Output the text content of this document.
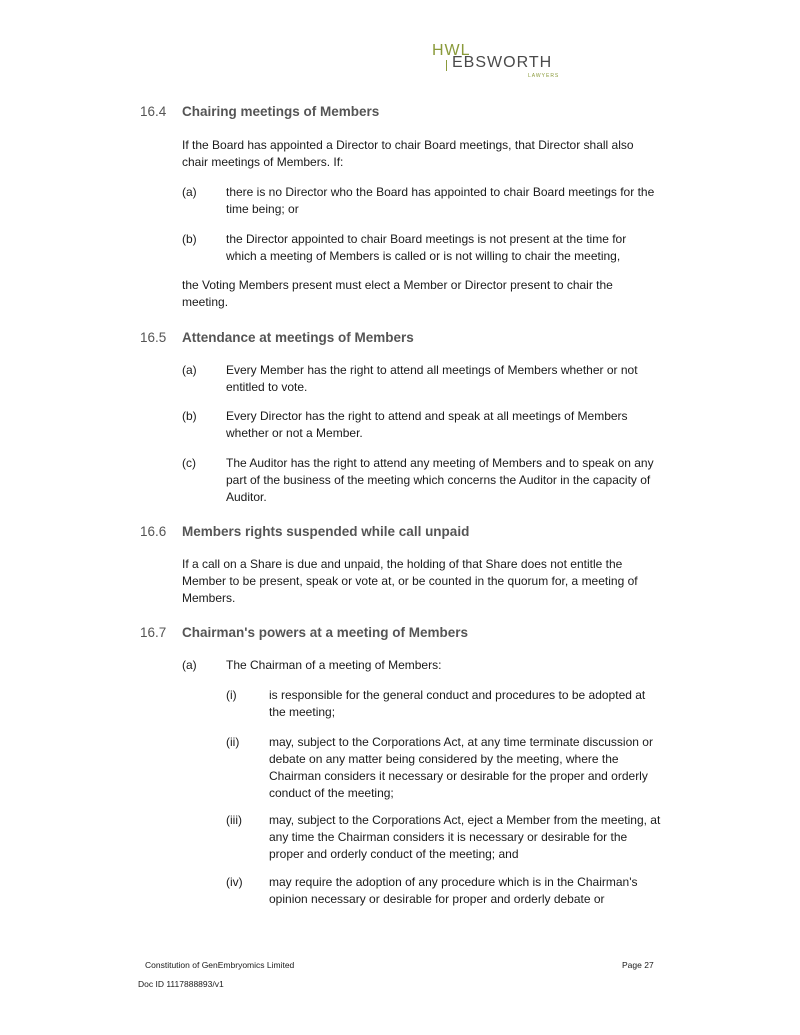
HWL
EBSWORTH
LAWYERS
16.4 Chairing meetings of Members
If the Board has appointed a Director to chair Board meetings, that Director shall also chair meetings of Members. If:
(a) there is no Director who the Board has appointed to chair Board meetings for the time being; or
(b) the Director appointed to chair Board meetings is not present at the time for which a meeting of Members is called or is not willing to chair the meeting,
the Voting Members present must elect a Member or Director present to chair the meeting.
16.5 Attendance at meetings of Members
(a) Every Member has the right to attend all meetings of Members whether or not entitled to vote.
(b) Every Director has the right to attend and speak at all meetings of Members whether or not a Member.
(c)	The Auditor has the right to attend any meeting of Members and to speak on any part of the business of the meeting which concerns the Auditor in the capacity of Auditor.
16.6 Members rights suspended while call unpaid
If a call on a Share is due and unpaid, the holding of that Share does not entitle the Member to be present, speak or vote at, or be counted in the quorum for, a meeting of Members.
16.7 Chairman's powers at a meeting of Members
(a) The Chairman of a meeting of Members:
(i)	is responsible for the general conduct and procedures to be adopted at the meeting;
(ii) may, subject to the Corporations Act, at any time terminate discussion or debate on any matter being considered by the meeting, where the Chairman considers it necessary or desirable for the proper and orderly conduct of the meeting;
(iii) may, subject to the Corporations Act, eject a Member from the meeting, at any time the Chairman considers it is necessary or desirable for the proper and orderly conduct of the meeting; and
(iv) may require the adoption of any procedure which is in the Chairman's opinion necessary or desirable for proper and orderly debate or
Constitution of GenEmbryomics Limited	Page 27
Doc ID 1117888893/v1
